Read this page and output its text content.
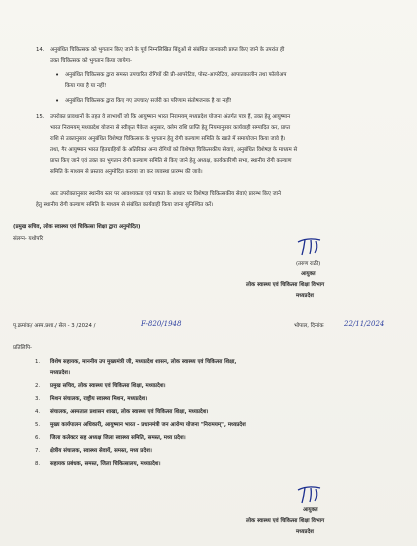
14. अनुबंधित चिकित्सक को भुगतान किए जाने के पूर्व निम्नलिखित बिंदुओं से संबंधित जानकारी प्राप्त किए जाने के उपरांत ही
उक्त चिकित्सक को भुगतान किया जायेगा-
• अनुबंधित चिकित्सक द्वारा समस्त उपचारित रोगियों की प्री-आपरेटिव, पोस्ट-आपरेटिव, आपातकालीन तथा फॉलोअप
किया गया है या नहीं!
• अनुबंधित चिकित्सक द्वारा किए गए उपचार/ सर्जरी का परिणाम संतोषजनक है या नहीं!
15. उपरोक्त प्रावधानों के तहत वे लाभार्थी जो कि आयुष्मान भारत निरामयम् मध्यप्रदेश योजना अंतर्गत पात्र हैं, उक्त हेतु आयुष्मान
भारत निरामयम् मध्यप्रदेश योजना से स्वीकृत पैकेज अनुसार, क्लेम राशि प्राप्ति हेतु नियमानुसार कार्यवाही सम्पादित कर, प्राप्त
राशि से उक्तानुसार अनुबंधित विशेषज्ञ चिकित्सक के भुगतान हेतु रोगी कल्याण समिति के खाते में समायोजन किया जावे है।
तथा, गैर आयुष्मान भारत हितग्राहियों के अतिरिक्त अन्य रोगियों को विशेषज्ञ चिकित्सकीय सेवाएं, अनुबंधित विशेषज्ञ के माध्यम से
प्राप्त किए जाने एवं उक्त का भुगतान रोगी कल्याण समिति से किए जाने हेतु अध्यक्ष, कार्यकारिणी सभा, स्थानीय रोगी कल्याण
समिति के माध्यम से प्रस्ताव अनुमोदित कराया जा कर व्यवस्था प्रारम्भ की जावे।
अतः उपरोक्तानुसार स्थानीय स्तर पर आवश्यकता एवं पात्रता के आधार पर विशेषज्ञ चिकित्सकीय सेवाएं प्रारम्भ किए जाने
हेतु स्थानीय रोगी कल्याण समिति के माध्यम से संबंधित कार्यवाही किया जाना सुनिश्चित करें।
(प्रमुख सचिव, लोक स्वास्थ्य एवं चिकित्सा शिक्षा द्वारा अनुमोदित)
संलग्न- यथोपरि
(तरुण राठी)
आयुक्त
लोक स्वास्थ्य एवं चिकित्सा शिक्षा विभाग
मध्यप्रदेश
पृ.क्रमांक/ अस्प.प्रशा./ सेल - 3 /2024 /	F-820/1948	भोपाल, दिनांक	22/11/2024
प्रतिलिपि-
1. विशेष सहायक, माननीय उप मुख्यमंत्री जी, मध्यप्रदेश शासन, लोक स्वास्थ्य एवं चिकित्सा शिक्षा,
मध्यप्रदेश।
2. प्रमुख सचिव, लोक स्वास्थ्य एवं चिकित्सा शिक्षा, मध्यप्रदेश।
3. मिशन संचालक, राष्ट्रीय स्वास्थ्य मिशन, मध्यप्रदेश।
4. संचालक, अस्पताल प्रशासन शाखा, लोक स्वास्थ्य एवं चिकित्सा शिक्षा, मध्यप्रदेश।
5. मुख्य कार्यपालन अधिकारी, आयुष्मान भारत - प्रधानमंत्री जन आरोग्य योजना "निरामयम्", मध्यप्रदेश
6. जिला कलेक्टर सह अध्यक्ष जिला स्वास्थ्य समिति, समस्त, मध्य प्रदेश।
7. क्षेत्रीय संचालक, स्वास्थ्य सेवायें, समस्त, मध्य प्रदेश।
8. सहायक प्रबंधक, समस्त, जिला चिकित्सालय, मध्यप्रदेश।
आयुक्त
लोक स्वास्थ्य एवं चिकित्सा शिक्षा विभाग
मध्यप्रदेश
